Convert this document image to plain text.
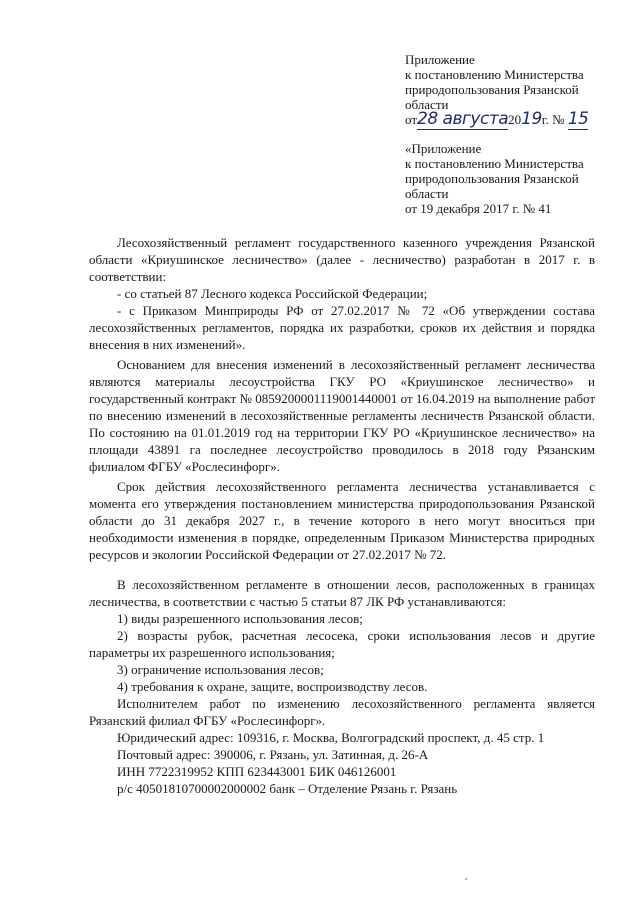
Приложение
к постановлению Министерства
природопользования Рязанской
области
от28 августа2019г. № 15
«Приложение
к постановлению Министерства
природопользования Рязанской
области
от 19 декабря 2017 г. № 41

Лесохозяйственный регламент государственного казенного учреждения Рязанской области «Криушинское лесничество» (далее - лесничество) разработан в 2017 г. в соответствии:

- со статьей 87 Лесного кодекса Российской Федерации;

- с Приказом Минприроды РФ от 27.02.2017 № 72 «Об утверждении состава лесохозяйственных регламентов, порядка их разработки, сроков их действия и порядка внесения в них изменений».

Основанием для внесения изменений в лесохозяйственный регламент лесничества являются материалы лесоустройства ГКУ РО «Криушинское лесничество» и государственный контракт № 0859200001119001440001 от 16.04.2019 на выполнение работ по внесению изменений в лесохозяйственные регламенты лесничеств Рязанской области. По состоянию на 01.01.2019 год на территории ГКУ РО «Криушинское лесничество» на площади 43891 га последнее лесоустройство проводилось в 2018 году Рязанским филиалом ФГБУ «Рослесинфорг».

Срок действия лесохозяйственного регламента лесничества устанавливается с момента его утверждения постановлением министерства природопользования Рязанской области до 31 декабря 2027 г., в течение которого в него могут вноситься при необходимости изменения в порядке, определенным Приказом Министерства природных ресурсов и экологии Российской Федерации от 27.02.2017 № 72.

В лесохозяйственном регламенте в отношении лесов, расположенных в границах лесничества, в соответствии с частью 5 статьи 87 ЛК РФ устанавливаются:

1) виды разрешенного использования лесов;

2) возрасты рубок, расчетная лесосека, сроки использования лесов и другие параметры их разрешенного использования;

3) ограничение использования лесов;

4) требования к охране, защите, воспроизводству лесов.

Исполнителем работ по изменению лесохозяйственного регламента является Рязанский филиал ФГБУ «Рослесинфорг».

Юридический адрес: 109316, г. Москва, Волгоградский проспект, д. 45 стр. 1

Почтовый адрес: 390006, г. Рязань, ул. Затинная, д. 26-А

ИНН 7722319952 КПП 623443001 БИК 046126001

р/с 40501810700002000002 банк – Отделение Рязань г. Рязань
